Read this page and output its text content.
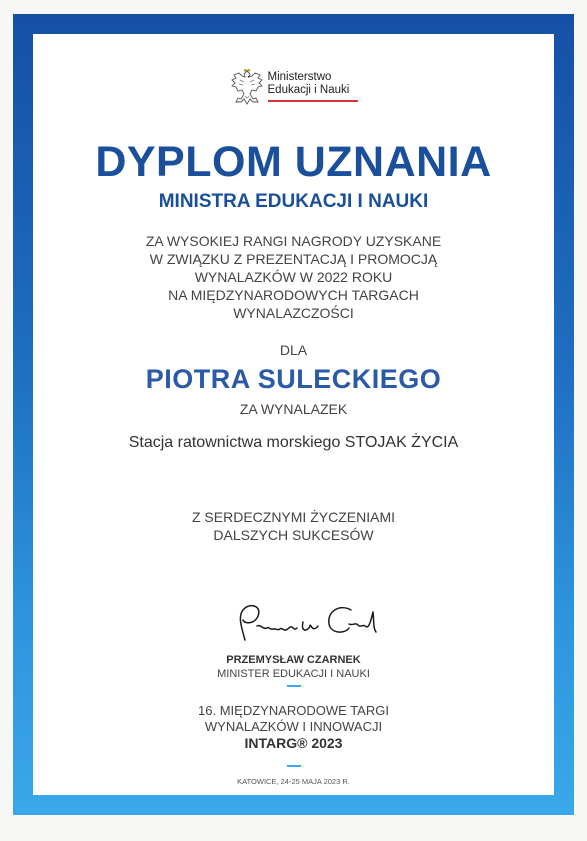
Ministerstwo
Edukacji i Nauki
DYPLOM UZNANIA
MINISTRA EDUKACJI I NAUKI
ZA WYSOKIEJ RANGI NAGRODY UZYSKANE
W ZWIĄZKU Z PREZENTACJĄ I PROMOCJĄ
WYNALAZKÓW W 2022 ROKU
NA MIĘDZYNARODOWYCH TARGACH
WYNALAZCZOŚCI
DLA
PIOTRA SULECKIEGO
ZA WYNALAZEK
Stacja ratownictwa morskiego STOJAK ŻYCIA
Z SERDECZNYMI ŻYCZENIAMI
DALSZYCH SUKCESÓW
PRZEMYSŁAW CZARNEK
MINISTER EDUKACJI I NAUKI
16. MIĘDZYNARODOWE TARGI
WYNALAZKÓW I INNOWACJI
INTARG® 2023
KATOWICE, 24-25 MAJA 2023 R.
